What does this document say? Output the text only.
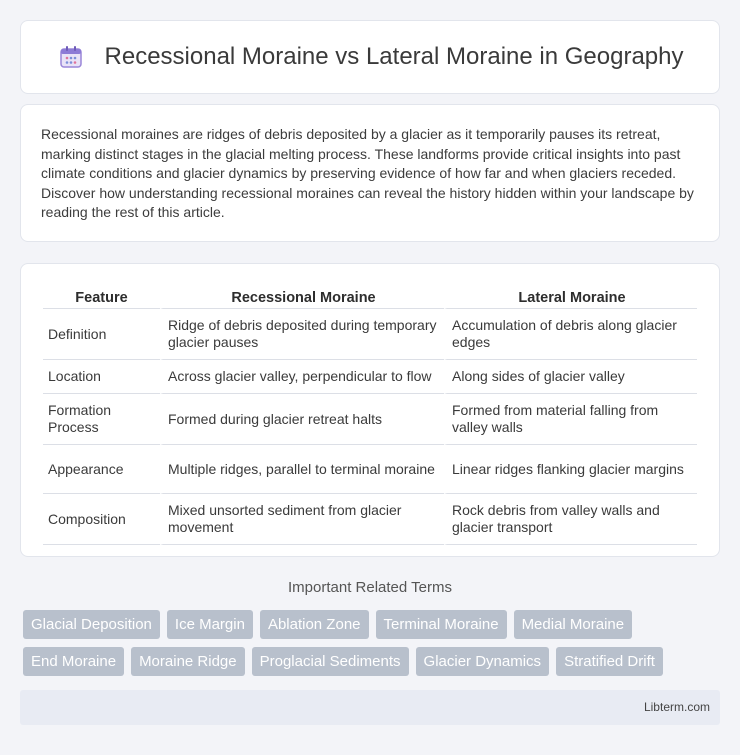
Recessional Moraine vs Lateral Moraine in Geography

Recessional moraines are ridges of debris deposited by a glacier as it temporarily pauses its retreat, marking distinct stages in the glacial melting process. These landforms provide critical insights into past climate conditions and glacier dynamics by preserving evidence of how far and when glaciers receded. Discover how understanding recessional moraines can reveal the history hidden within your landscape by reading the rest of this article.

Feature	Recessional Moraine	Lateral Moraine
Definition	Ridge of debris deposited during temporary glacier pauses	Accumulation of debris along glacier edges
Location	Across glacier valley, perpendicular to flow	Along sides of glacier valley
Formation Process	Formed during glacier retreat halts	Formed from material falling from valley walls
Appearance	Multiple ridges, parallel to terminal moraine	Linear ridges flanking glacier margins
Composition	Mixed unsorted sediment from glacier movement	Rock debris from valley walls and glacier transport
Important Related Terms
Glacial Deposition	Ice Margin	Ablation Zone	Terminal Moraine	Medial Moraine
End Moraine	Moraine Ridge	Proglacial Sediments	Glacier Dynamics	Stratified Drift
Libterm.com
